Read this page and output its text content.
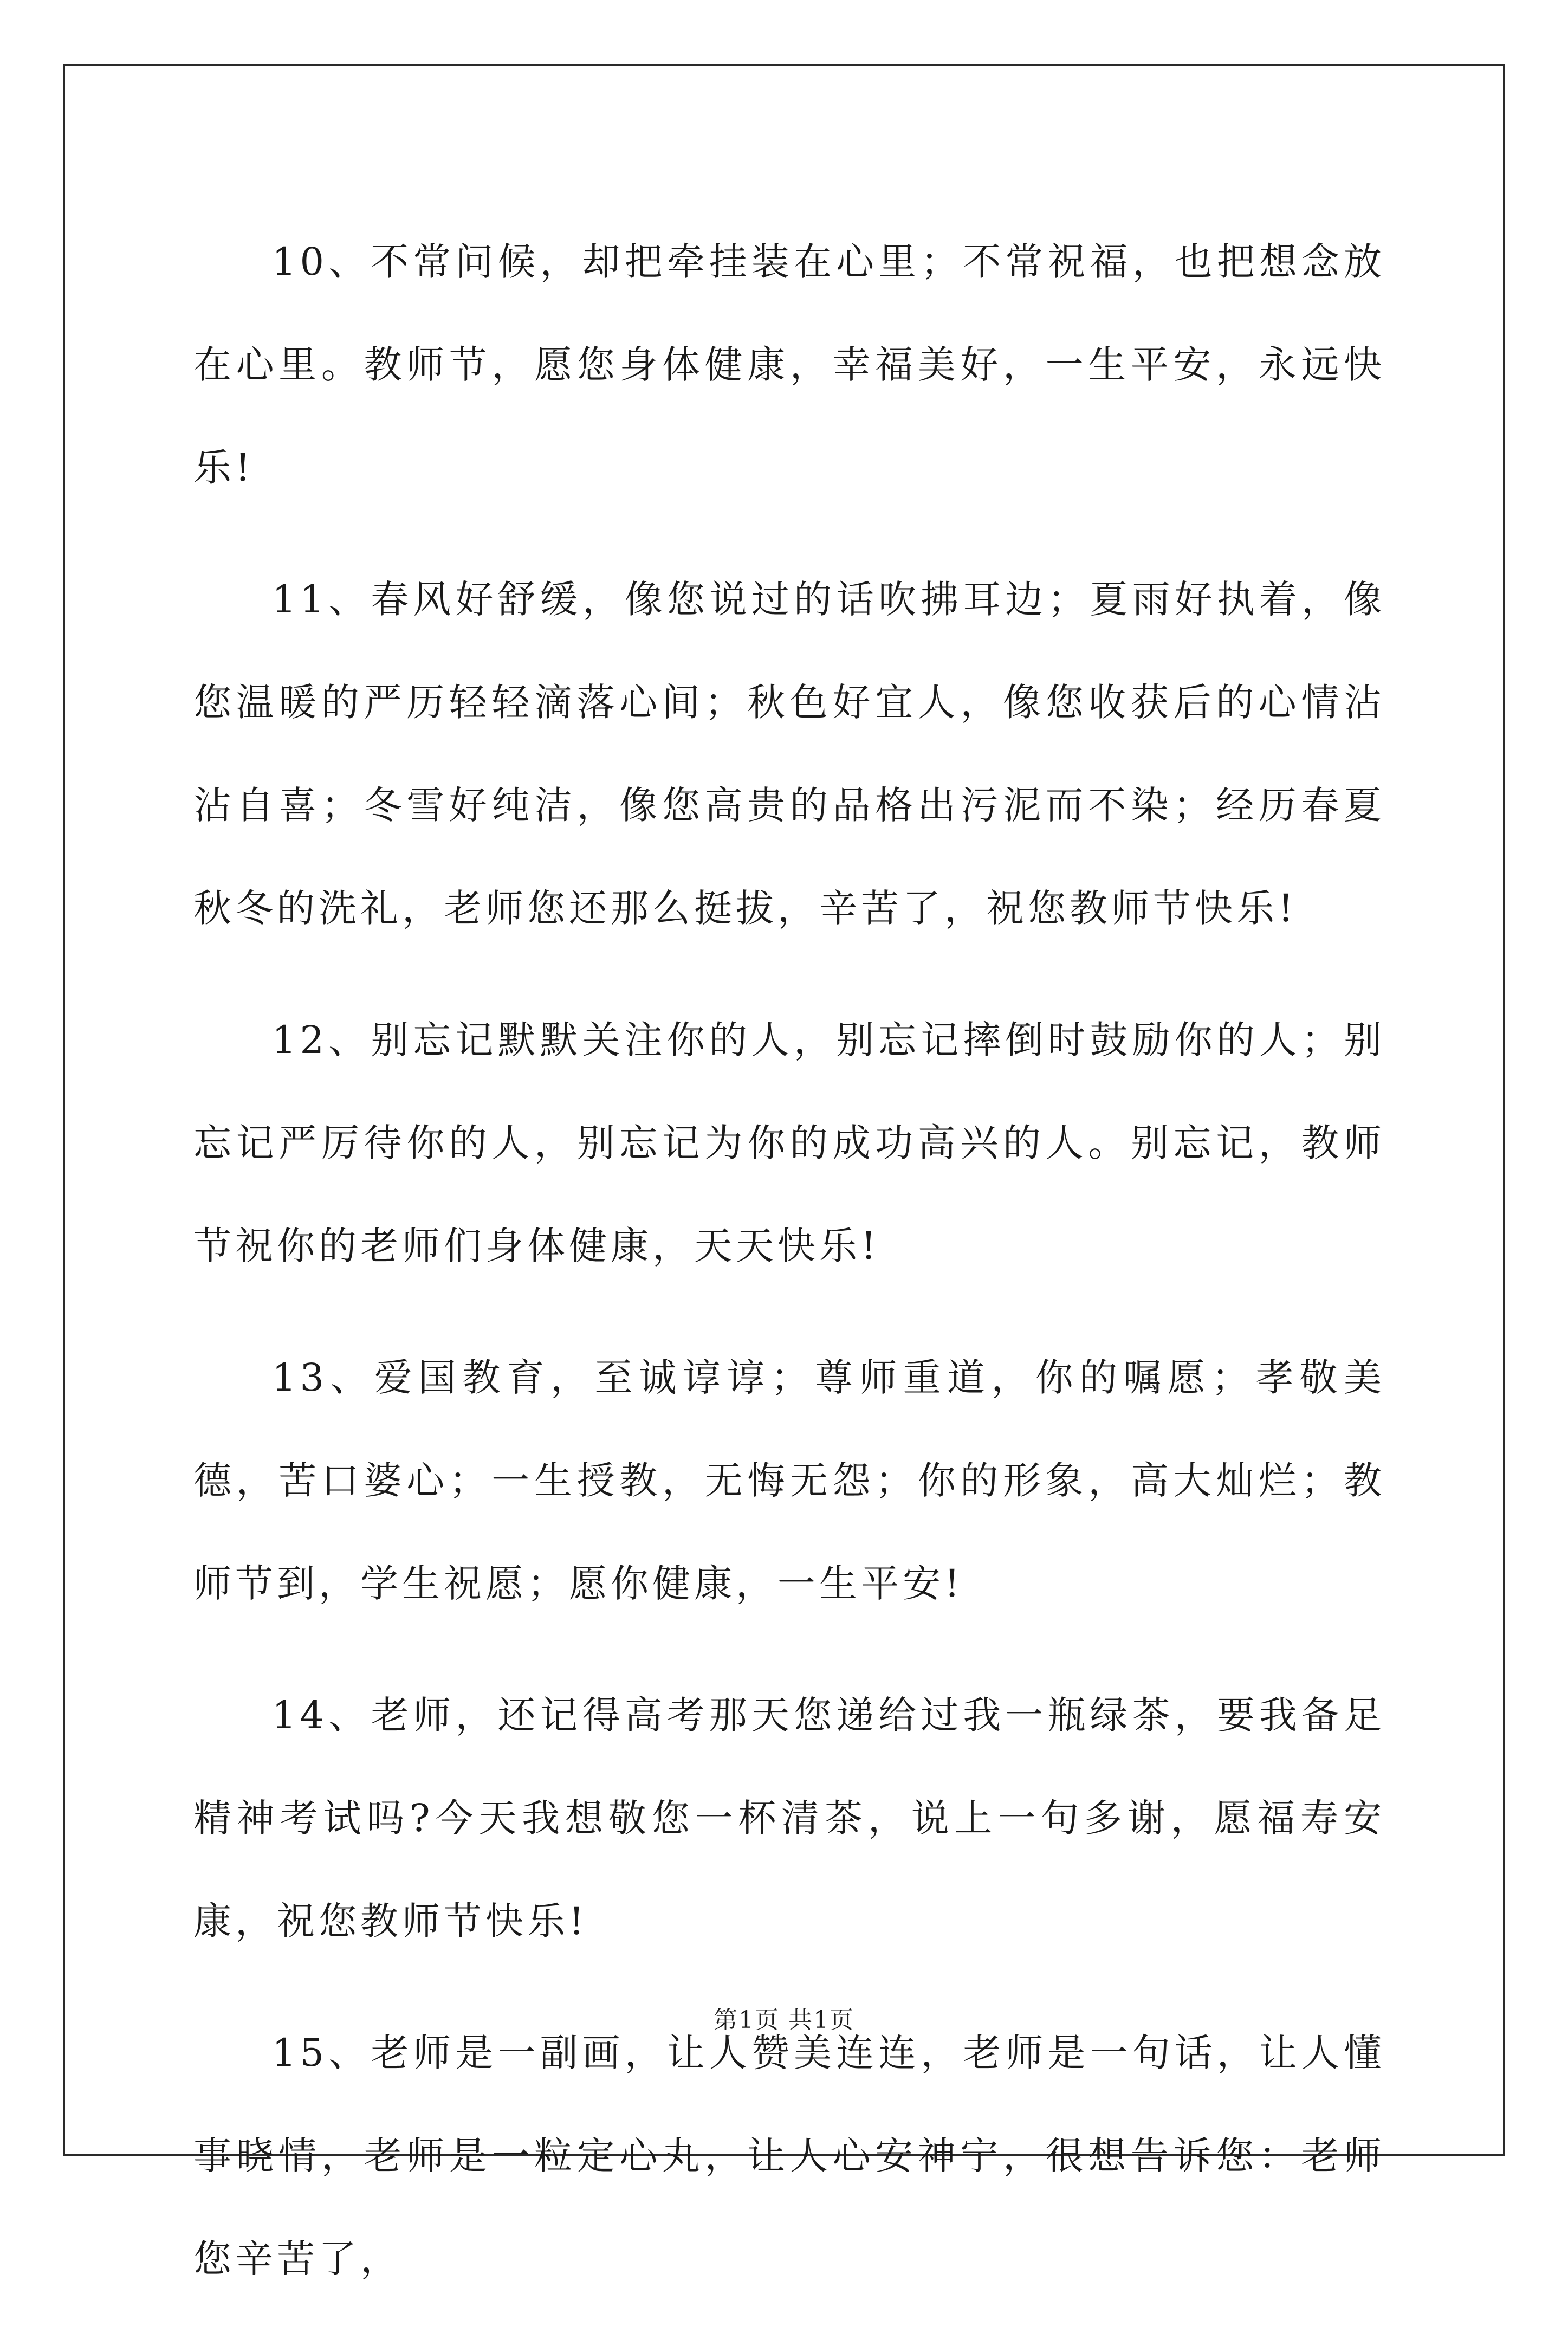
10、不常问候，却把牵挂装在心里；不常祝福，也把想念放在心里。教师节，愿您身体健康，幸福美好，一生平安，永远快乐!

11、春风好舒缓，像您说过的话吹拂耳边；夏雨好执着，像您温暖的严历轻轻滴落心间；秋色好宜人，像您收获后的心情沾沾自喜；冬雪好纯洁，像您高贵的品格出污泥而不染；经历春夏秋冬的洗礼，老师您还那么挺拔，辛苦了，祝您教师节快乐!

12、别忘记默默关注你的人，别忘记摔倒时鼓励你的人；别忘记严厉待你的人，别忘记为你的成功高兴的人。别忘记，教师节祝你的老师们身体健康，天天快乐!

13、爱国教育，至诚谆谆；尊师重道，你的嘱愿；孝敬美德，苦口婆心；一生授教，无悔无怨；你的形象，高大灿烂；教师节到，学生祝愿；愿你健康，一生平安!

14、老师，还记得高考那天您递给过我一瓶绿茶，要我备足精神考试吗?今天我想敬您一杯清茶，说上一句多谢，愿福寿安康，祝您教师节快乐!

15、老师是一副画，让人赞美连连，老师是一句话，让人懂事晓情，老师是一粒定心丸，让人心安神宁，很想告诉您：老师您辛苦了，

第1页 共1页
